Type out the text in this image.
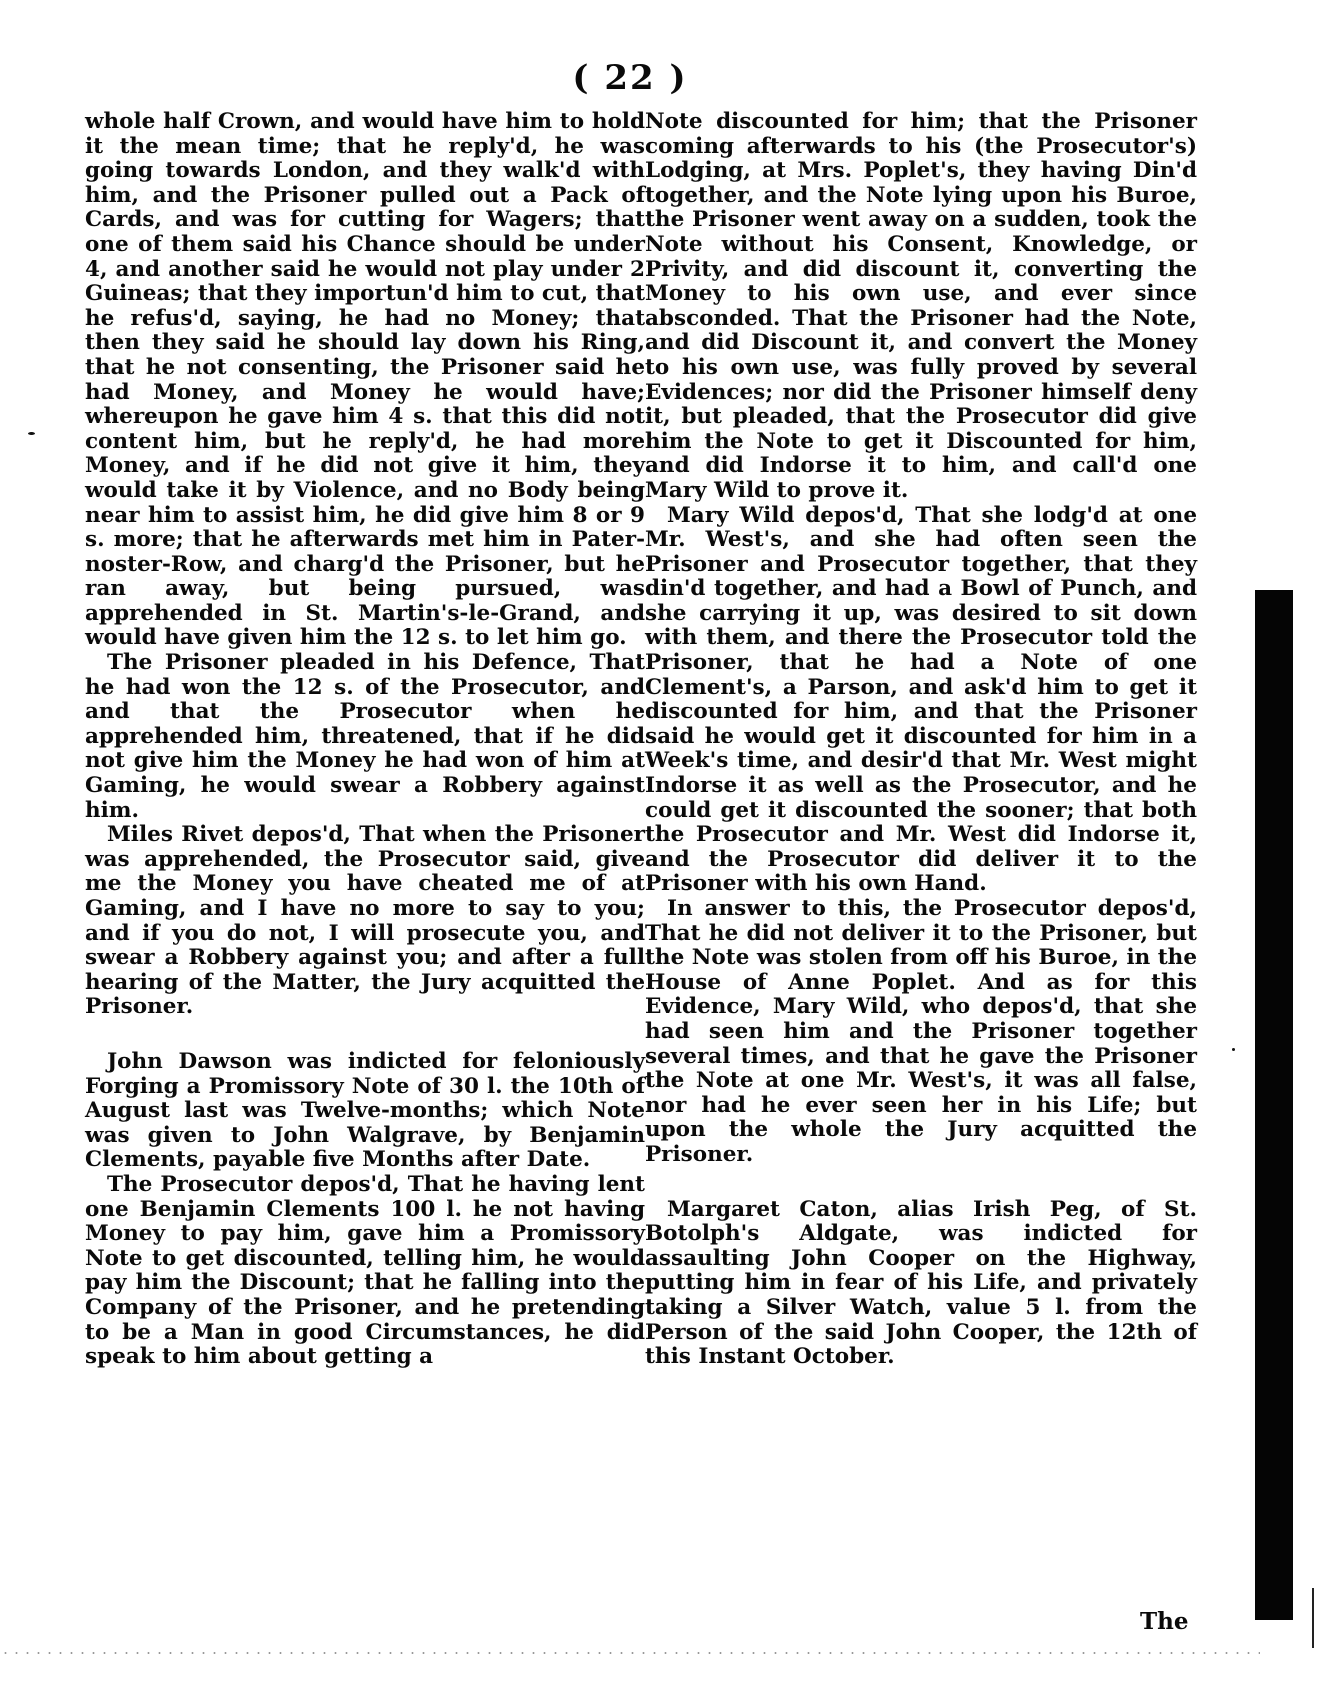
( 22 )

whole half Crown, and would have him to hold it the mean time; that he reply'd, he was going towards London, and they walk'd with him, and the Prisoner pulled out a Pack of Cards, and was for cutting for Wagers; that one of them said his Chance should be under 4, and another said he would not play under 2 Guineas; that they importun'd him to cut, that he refus'd, saying, he had no Money; that then they said he should lay down his Ring, that he not consenting, the Prisoner said he had Money, and Money he would have; whereupon he gave him 4 s. that this did not content him, but he reply'd, he had more Money, and if he did not give it him, they would take it by Violence, and no Body being near him to assist him, he did give him 8 or 9 s. more; that he afterwards met him in Pater-noster-Row, and charg'd the Prisoner, but he ran away, but being pursued, was apprehended in St. Martin's-le-Grand, and would have given him the 12 s. to let him go.

The Prisoner pleaded in his Defence, That he had won the 12 s. of the Prosecutor, and and that the Prosecutor when he apprehended him, threatened, that if he did not give him the Money he had won of him at Gaming, he would swear a Robbery against him.

Miles Rivet depos'd, That when the Prisoner was apprehended, the Prosecutor said, give me the Money you have cheated me of at Gaming, and I have no more to say to you; and if you do not, I will prosecute you, and swear a Robbery against you; and after a full hearing of the Matter, the Jury acquitted the Prisoner.

John Dawson was indicted for feloniously Forging a Promissory Note of 30 l. the 10th of August last was Twelve-months; which Note was given to John Walgrave, by Benjamin Clements, payable five Months after Date.

The Prosecutor depos'd, That he having lent one Benjamin Clements 100 l. he not having Money to pay him, gave him a Promissory Note to get discounted, telling him, he would pay him the Discount; that he falling into the Company of the Prisoner, and he pretending to be a Man in good Circumstances, he did speak to him about getting a

Note discounted for him; that the Prisoner coming afterwards to his (the Prosecutor's) Lodging, at Mrs. Poplet's, they having Din'd together, and the Note lying upon his Buroe, the Prisoner went away on a sudden, took the Note without his Consent, Knowledge, or Privity, and did discount it, converting the Money to his own use, and ever since absconded. That the Prisoner had the Note, and did Discount it, and convert the Money to his own use, was fully proved by several Evidences; nor did the Prisoner himself deny it, but pleaded, that the Prosecutor did give him the Note to get it Discounted for him, and did Indorse it to him, and call'd one Mary Wild to prove it.

Mary Wild depos'd, That she lodg'd at one Mr. West's, and she had often seen the Prisoner and Prosecutor together, that they din'd together, and had a Bowl of Punch, and she carrying it up, was desired to sit down with them, and there the Prosecutor told the Prisoner, that he had a Note of one Clement's, a Parson, and ask'd him to get it discounted for him, and that the Prisoner said he would get it discounted for him in a Week's time, and desir'd that Mr. West might Indorse it as well as the Prosecutor, and he could get it discounted the sooner; that both the Prosecutor and Mr. West did Indorse it, and the Prosecutor did deliver it to the Prisoner with his own Hand.

In answer to this, the Prosecutor depos'd, That he did not deliver it to the Prisoner, but the Note was stolen from off his Buroe, in the House of Anne Poplet. And as for this Evidence, Mary Wild, who depos'd, that she had seen him and the Prisoner together several times, and that he gave the Prisoner the Note at one Mr. West's, it was all false, nor had he ever seen her in his Life; but upon the whole the Jury acquitted the Prisoner.

Margaret Caton, alias Irish Peg, of St. Botolph's Aldgate, was indicted for assaulting John Cooper on the Highway, putting him in fear of his Life, and privately taking a Silver Watch, value 5 l. from the Person of the said John Cooper, the 12th of this Instant October.

The
